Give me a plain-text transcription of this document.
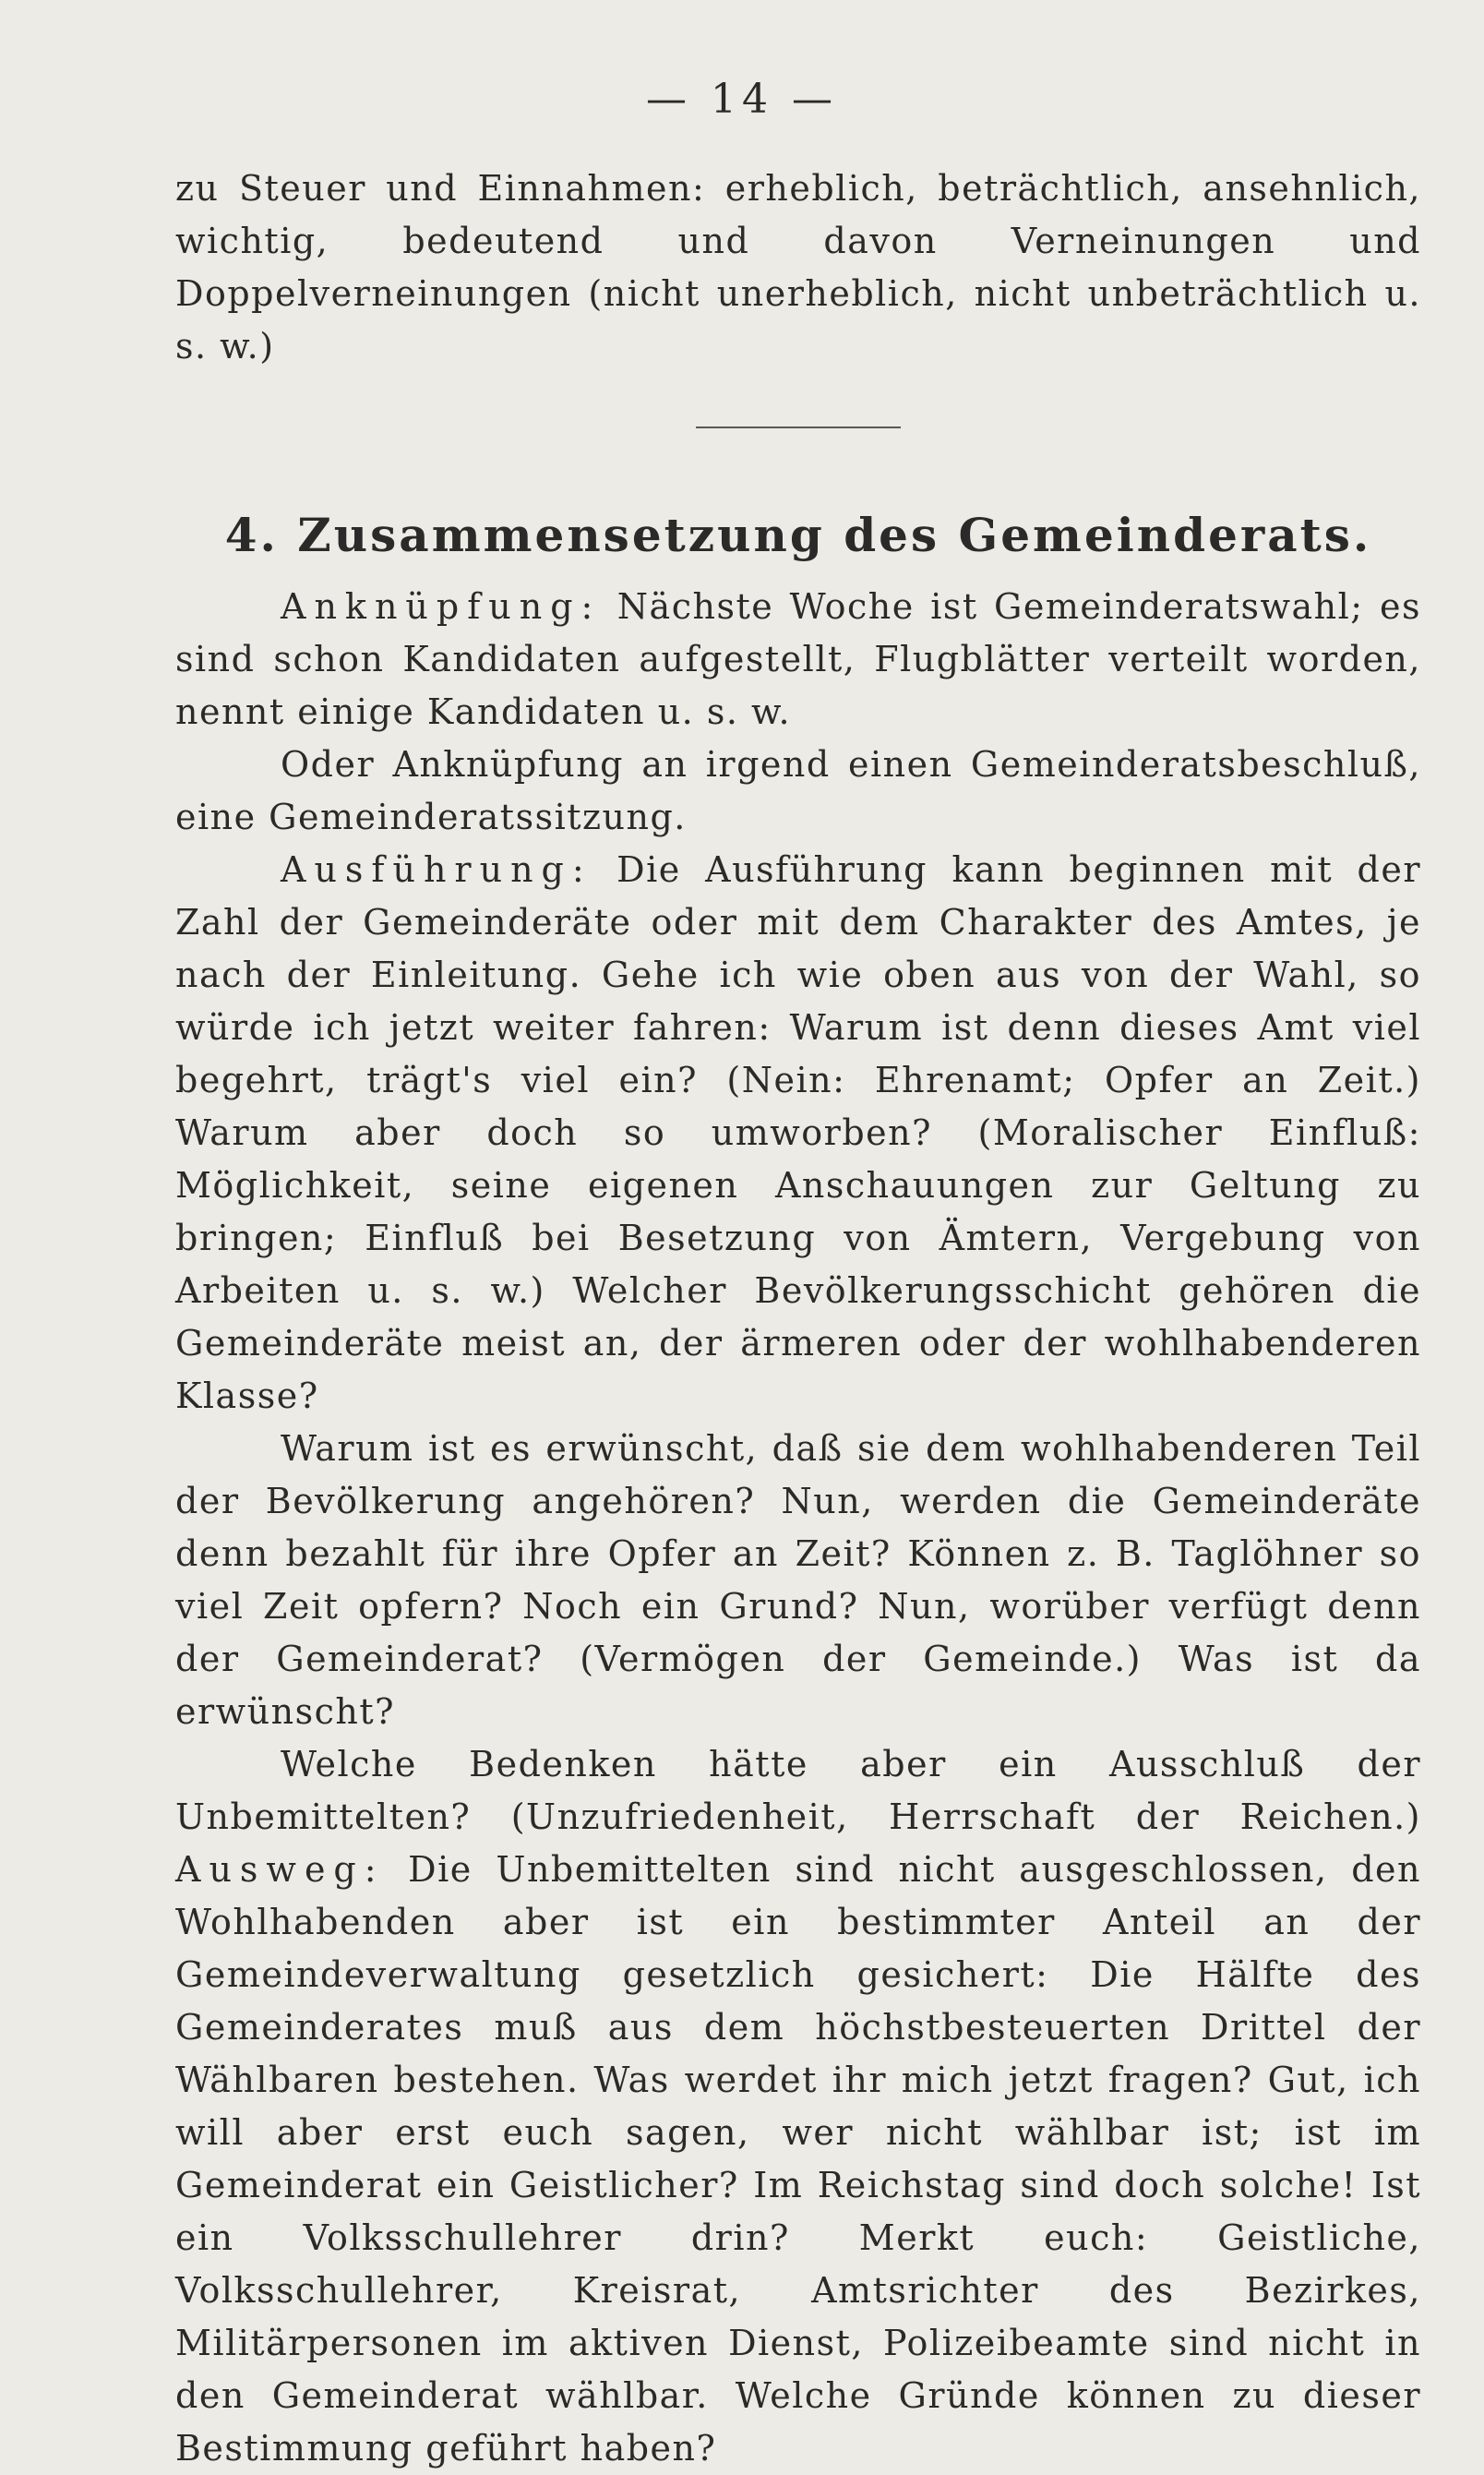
— 14 —

zu Steuer und Einnahmen: erheblich, beträchtlich, ansehnlich, wichtig, bedeutend und davon Verneinungen und Doppelverneinungen (nicht unerheblich, nicht unbeträchtlich u. s. w.)

4. Zusammensetzung des Gemeinderats.

Anknüpfung: Nächste Woche ist Gemeinderatswahl; es sind schon Kandidaten aufgestellt, Flugblätter verteilt worden, nennt einige Kandidaten u. s. w.

Oder Anknüpfung an irgend einen Gemeinderatsbeschluß, eine Gemeinderatssitzung.

Ausführung: Die Ausführung kann beginnen mit der Zahl der Gemeinderäte oder mit dem Charakter des Amtes, je nach der Einleitung. Gehe ich wie oben aus von der Wahl, so würde ich jetzt weiter fahren: Warum ist denn dieses Amt viel begehrt, trägt's viel ein? (Nein: Ehrenamt; Opfer an Zeit.) Warum aber doch so umworben? (Moralischer Einfluß: Möglichkeit, seine eigenen Anschauungen zur Geltung zu bringen; Einfluß bei Besetzung von Ämtern, Vergebung von Arbeiten u. s. w.) Welcher Bevölkerungsschicht gehören die Gemeinderäte meist an, der ärmeren oder der wohlhabenderen Klasse?

Warum ist es erwünscht, daß sie dem wohlhabenderen Teil der Bevölkerung angehören? Nun, werden die Gemeinderäte denn bezahlt für ihre Opfer an Zeit? Können z. B. Taglöhner so viel Zeit opfern? Noch ein Grund? Nun, worüber verfügt denn der Gemeinderat? (Vermögen der Gemeinde.) Was ist da erwünscht?

Welche Bedenken hätte aber ein Ausschluß der Unbemittelten? (Unzufriedenheit, Herrschaft der Reichen.) Ausweg: Die Unbemittelten sind nicht ausgeschlossen, den Wohlhabenden aber ist ein bestimmter Anteil an der Gemeindeverwaltung gesetzlich gesichert: Die Hälfte des Gemeinderates muß aus dem höchstbesteuerten Drittel der Wählbaren bestehen. Was werdet ihr mich jetzt fragen? Gut, ich will aber erst euch sagen, wer nicht wählbar ist; ist im Gemeinderat ein Geistlicher? Im Reichstag sind doch solche! Ist ein Volksschullehrer drin? Merkt euch: Geistliche, Volksschullehrer, Kreisrat, Amtsrichter des Bezirkes, Militärpersonen im aktiven Dienst, Polizeibeamte sind nicht in den Gemeinderat wählbar. Welche Gründe können zu dieser Bestimmung geführt haben?
